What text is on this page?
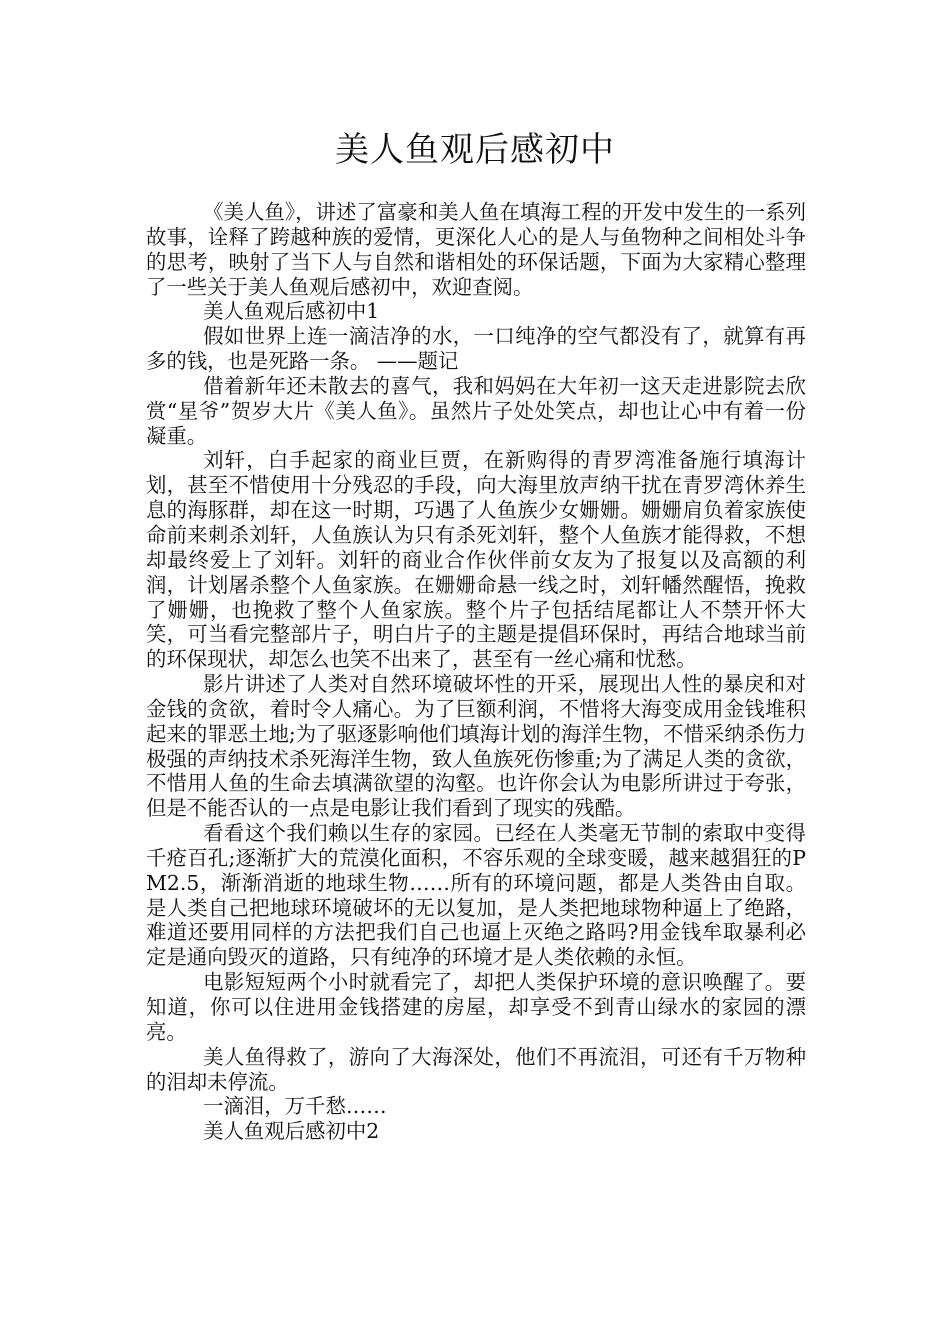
美人鱼观后感初中

《美人鱼》，讲述了富豪和美人鱼在填海工程的开发中发生的一系列故事，诠释了跨越种族的爱情，更深化人心的是人与鱼物种之间相处斗争的思考，映射了当下人与自然和谐相处的环保话题，下面为大家精心整理了一些关于美人鱼观后感初中，欢迎查阅。

美人鱼观后感初中1

假如世界上连一滴洁净的水，一口纯净的空气都没有了，就算有再多的钱，也是死路一条。 ——题记

借着新年还未散去的喜气，我和妈妈在大年初一这天走进影院去欣赏“星爷”贺岁大片《美人鱼》。虽然片子处处笑点，却也让心中有着一份凝重。

刘轩，白手起家的商业巨贾，在新购得的青罗湾准备施行填海计划，甚至不惜使用十分残忍的手段，向大海里放声纳干扰在青罗湾休养生息的海豚群，却在这一时期，巧遇了人鱼族少女姗姗。姗姗肩负着家族使命前来刺杀刘轩，人鱼族认为只有杀死刘轩，整个人鱼族才能得救，不想却最终爱上了刘轩。刘轩的商业合作伙伴前女友为了报复以及高额的利润，计划屠杀整个人鱼家族。在姗姗命悬一线之时，刘轩幡然醒悟，挽救了姗姗，也挽救了整个人鱼家族。整个片子包括结尾都让人不禁开怀大笑，可当看完整部片子，明白片子的主题是提倡环保时，再结合地球当前的环保现状，却怎么也笑不出来了，甚至有一丝心痛和忧愁。

影片讲述了人类对自然环境破坏性的开采，展现出人性的暴戾和对金钱的贪欲，着时令人痛心。为了巨额利润，不惜将大海变成用金钱堆积起来的罪恶土地;为了驱逐影响他们填海计划的海洋生物，不惜采纳杀伤力极强的声纳技术杀死海洋生物，致人鱼族死伤惨重;为了满足人类的贪欲，不惜用人鱼的生命去填满欲望的沟壑。也许你会认为电影所讲过于夸张，但是不能否认的一点是电影让我们看到了现实的残酷。

看看这个我们赖以生存的家园。已经在人类毫无节制的索取中变得千疮百孔;逐渐扩大的荒漠化面积，不容乐观的全球变暖，越来越猖狂的PM2.5，渐渐消逝的地球生物……所有的环境问题，都是人类咎由自取。是人类自己把地球环境破坏的无以复加，是人类把地球物种逼上了绝路，难道还要用同样的方法把我们自己也逼上灭绝之路吗?用金钱牟取暴利必定是通向毁灭的道路，只有纯净的环境才是人类依赖的永恒。

电影短短两个小时就看完了，却把人类保护环境的意识唤醒了。要知道，你可以住进用金钱搭建的房屋，却享受不到青山绿水的家园的漂亮。

美人鱼得救了，游向了大海深处，他们不再流泪，可还有千万物种的泪却未停流。

一滴泪，万千愁……

美人鱼观后感初中2
